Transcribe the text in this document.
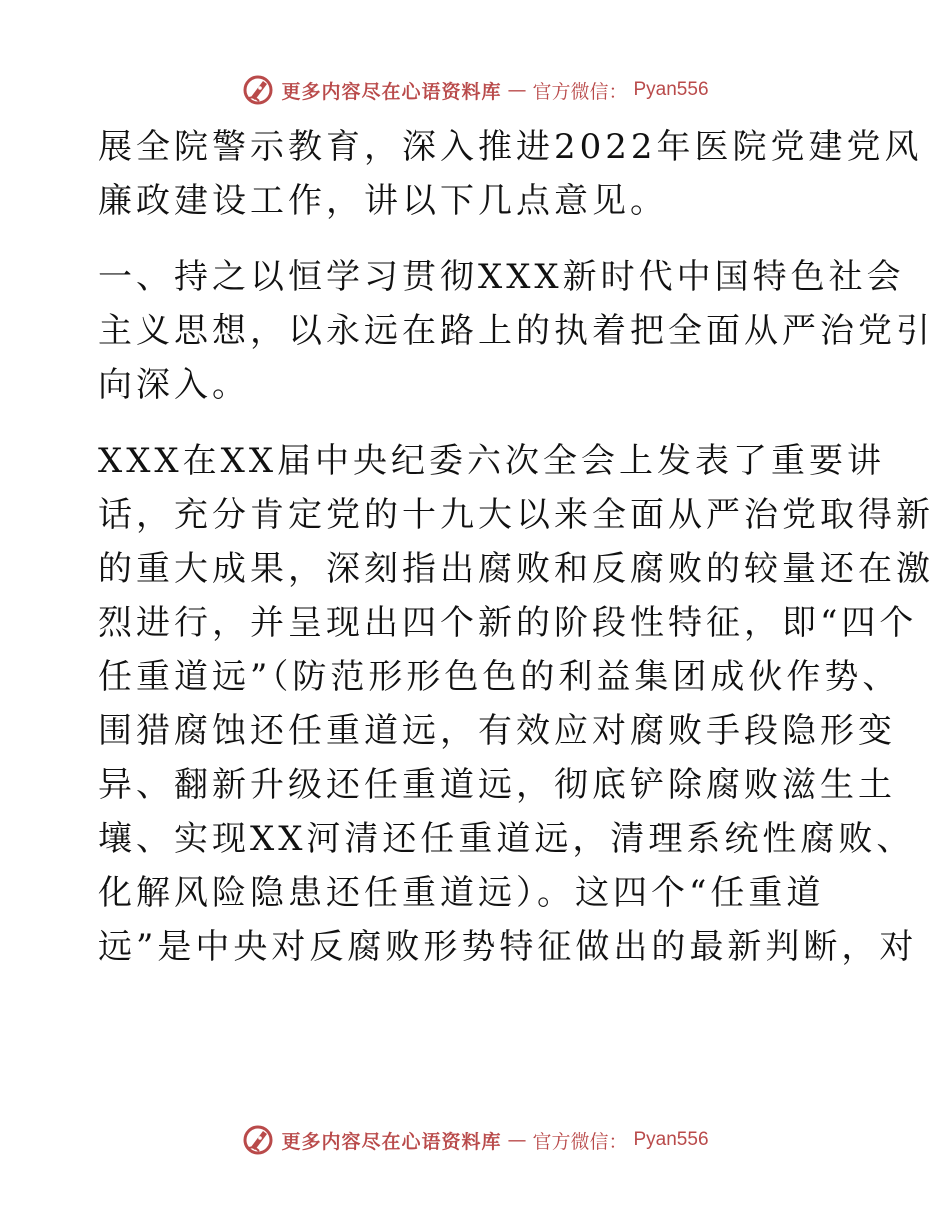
更多内容尽在心语资料库 — 官方微信： Pyan556

展全院警示教育，深入推进2022年医院党建党风
廉政建设工作，讲以下几点意见。

一、持之以恒学习贯彻XXX新时代中国特色社会
主义思想，以永远在路上的执着把全面从严治党引
向深入。

XXX在XX届中央纪委六次全会上发表了重要讲
话，充分肯定党的十九大以来全面从严治党取得新
的重大成果，深刻指出腐败和反腐败的较量还在激
烈进行，并呈现出四个新的阶段性特征，即“四个
任重道远”（防范形形色色的利益集团成伙作势、
围猎腐蚀还任重道远，有效应对腐败手段隐形变
异、翻新升级还任重道远，彻底铲除腐败滋生土
壤、实现XX河清还任重道远，清理系统性腐败、
化解风险隐患还任重道远）。这四个“任重道
远”是中央对反腐败形势特征做出的最新判断，对

更多内容尽在心语资料库 — 官方微信： Pyan556
